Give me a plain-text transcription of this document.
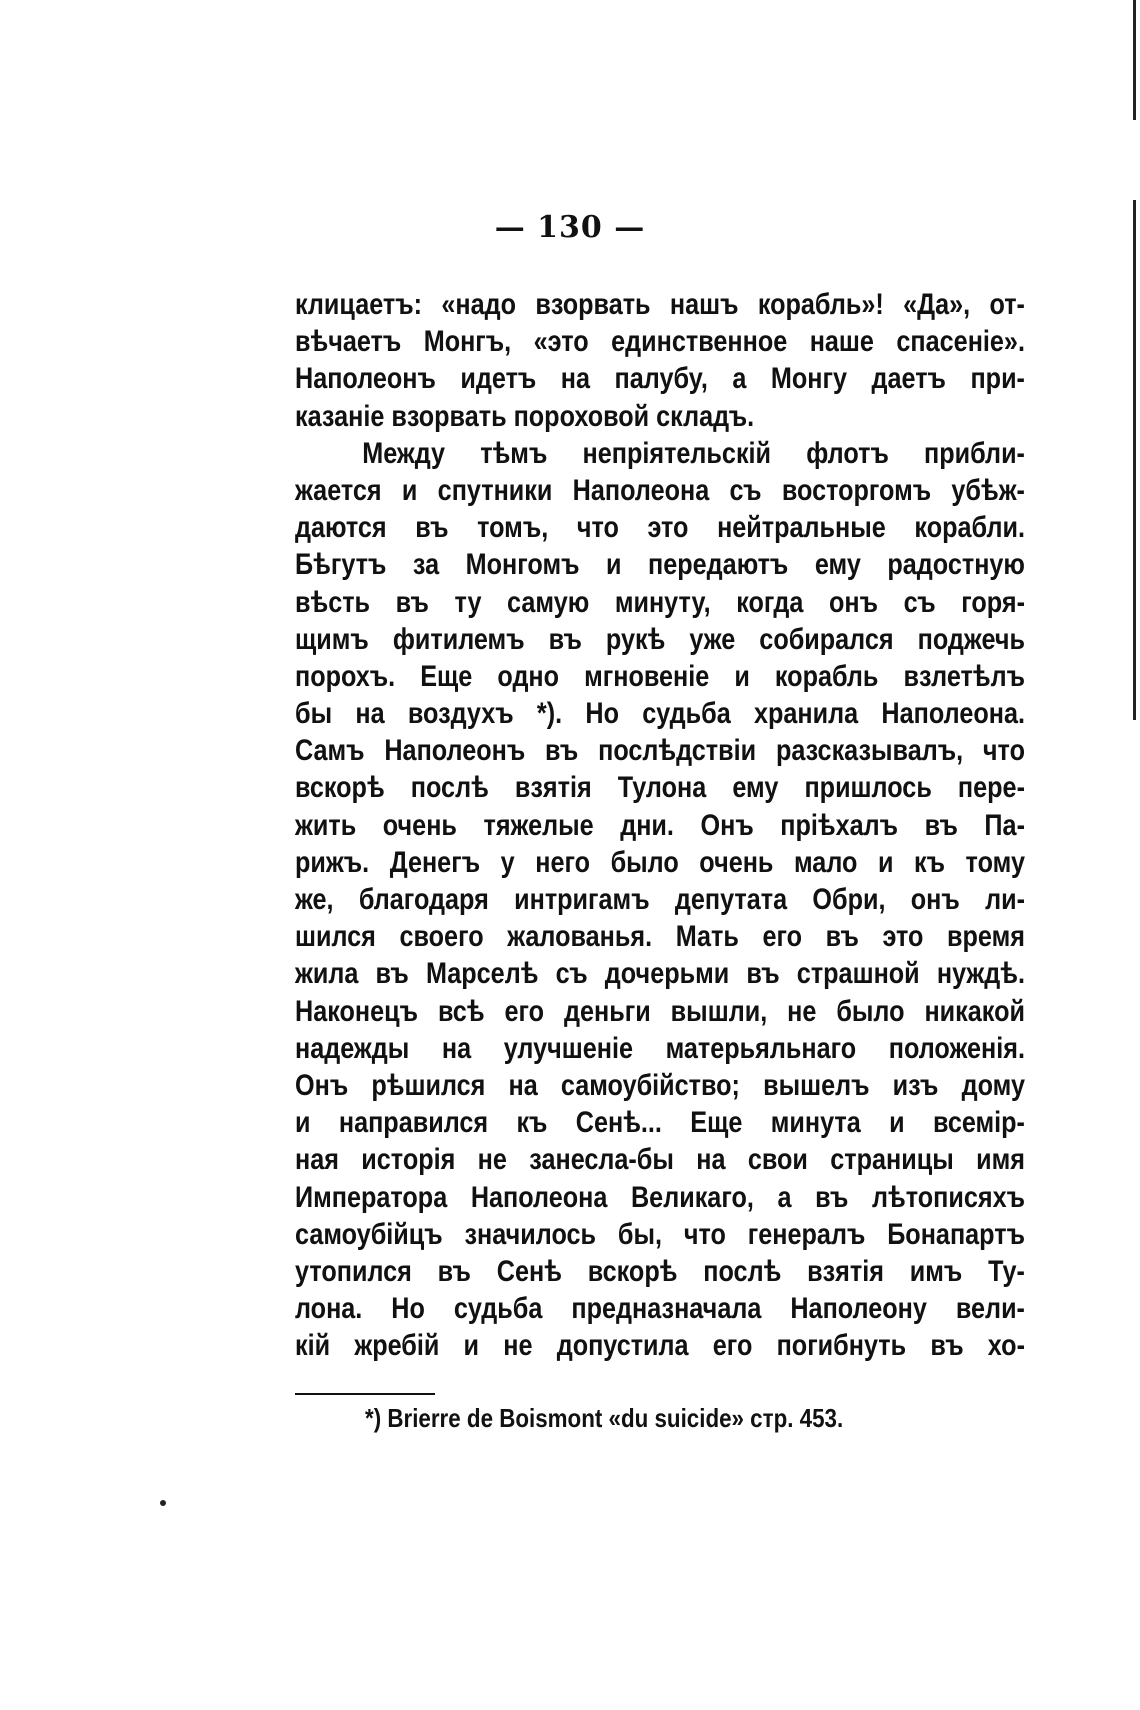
— 130 —
клицаетъ: «надо взорвать нашъ корабль»! «Да», от-
вѣчаетъ Монгъ, «это единственное наше спасенiе».
Наполеонъ идетъ на палубу, а Монгу даетъ при-
казанiе взорвать пороховой складъ.
Между тѣмъ непрiятельскiй флотъ прибли-
жается и спутники Наполеона съ восторгомъ убѣж-
даются въ томъ, что это нейтральные корабли.
Бѣгутъ за Монгомъ и передаютъ ему радостную
вѣсть въ ту самую минуту, когда онъ съ горя-
щимъ фитилемъ въ рукѣ уже собирался поджечь
порохъ. Еще одно мгновенiе и корабль взлетѣлъ
бы на воздухъ *). Но судьба хранила Наполеона.
Самъ Наполеонъ въ послѣдствiи разсказывалъ, что
вскорѣ послѣ взятiя Тулона ему пришлось пере-
жить очень тяжелые дни. Онъ прiѣхалъ въ Па-
рижъ. Денегъ у него было очень мало и къ тому
же, благодаря интригамъ депутата Обри, онъ ли-
шился своего жалованья. Мать его въ это время
жила въ Марселѣ съ дочерьми въ страшной нуждѣ.
Наконецъ всѣ его деньги вышли, не было никакой
надежды на улучшенiе матерьяльнаго положенiя.
Онъ рѣшился на самоубiйство; вышелъ изъ дому
и направился къ Сенѣ... Еще минута и всемiр-
ная исторiя не занесла-бы на свои страницы имя
Императора Наполеона Великаго, а въ лѣтописяхъ
самоубiйцъ значилось бы, что генералъ Бонапартъ
утопился въ Сенѣ вскорѣ послѣ взятiя имъ Ту-
лона. Но судьба предназначала Наполеону вели-
кiй жребiй и не допустила его погибнуть въ хо-
*) Brierre de Boismont «du suicide» стр. 453.
